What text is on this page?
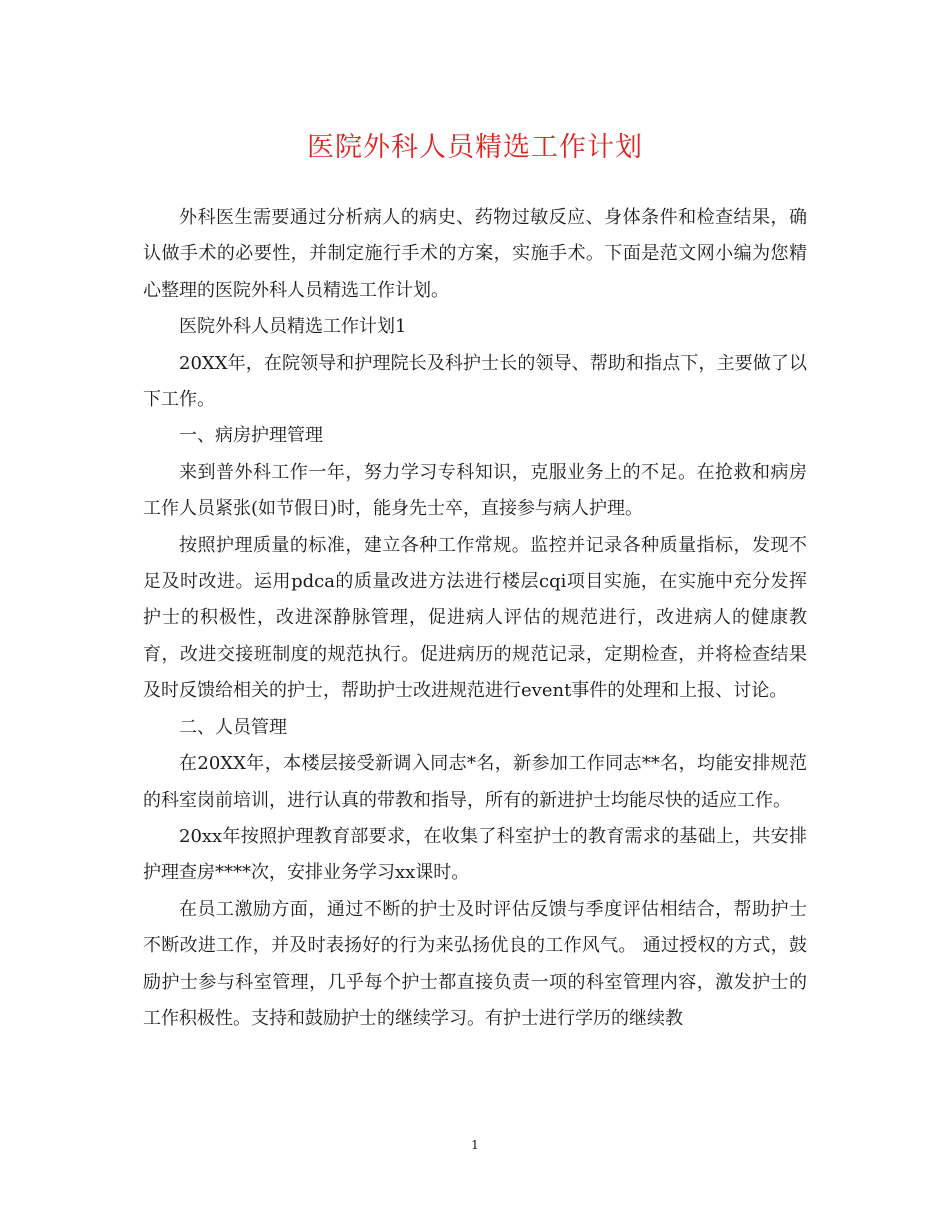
医院外科人员精选工作计划

外科医生需要通过分析病人的病史、药物过敏反应、身体条件和检查结果，确认做手术的必要性，并制定施行手术的方案，实施手术。下面是范文网小编为您精心整理的医院外科人员精选工作计划。

医院外科人员精选工作计划1

20XX年，在院领导和护理院长及科护士长的领导、帮助和指点下，主要做了以下工作。

一、病房护理管理

来到普外科工作一年，努力学习专科知识，克服业务上的不足。在抢救和病房工作人员紧张(如节假日)时，能身先士卒，直接参与病人护理。

按照护理质量的标准，建立各种工作常规。监控并记录各种质量指标，发现不足及时改进。运用pdca的质量改进方法进行楼层cqi项目实施，在实施中充分发挥护士的积极性，改进深静脉管理，促进病人评估的规范进行，改进病人的健康教育，改进交接班制度的规范执行。促进病历的规范记录，定期检查，并将检查结果及时反馈给相关的护士，帮助护士改进规范进行event事件的处理和上报、讨论。

二、人员管理

在20XX年，本楼层接受新调入同志*名，新参加工作同志**名，均能安排规范的科室岗前培训，进行认真的带教和指导，所有的新进护士均能尽快的适应工作。

20xx年按照护理教育部要求，在收集了科室护士的教育需求的基础上，共安排护理查房****次，安排业务学习xx课时。

在员工激励方面，通过不断的护士及时评估反馈与季度评估相结合，帮助护士不断改进工作，并及时表扬好的行为来弘扬优良的工作风气。 通过授权的方式，鼓励护士参与科室管理，几乎每个护士都直接负责一项的科室管理内容，激发护士的工作积极性。支持和鼓励护士的继续学习。有护士进行学历的继续教

1
